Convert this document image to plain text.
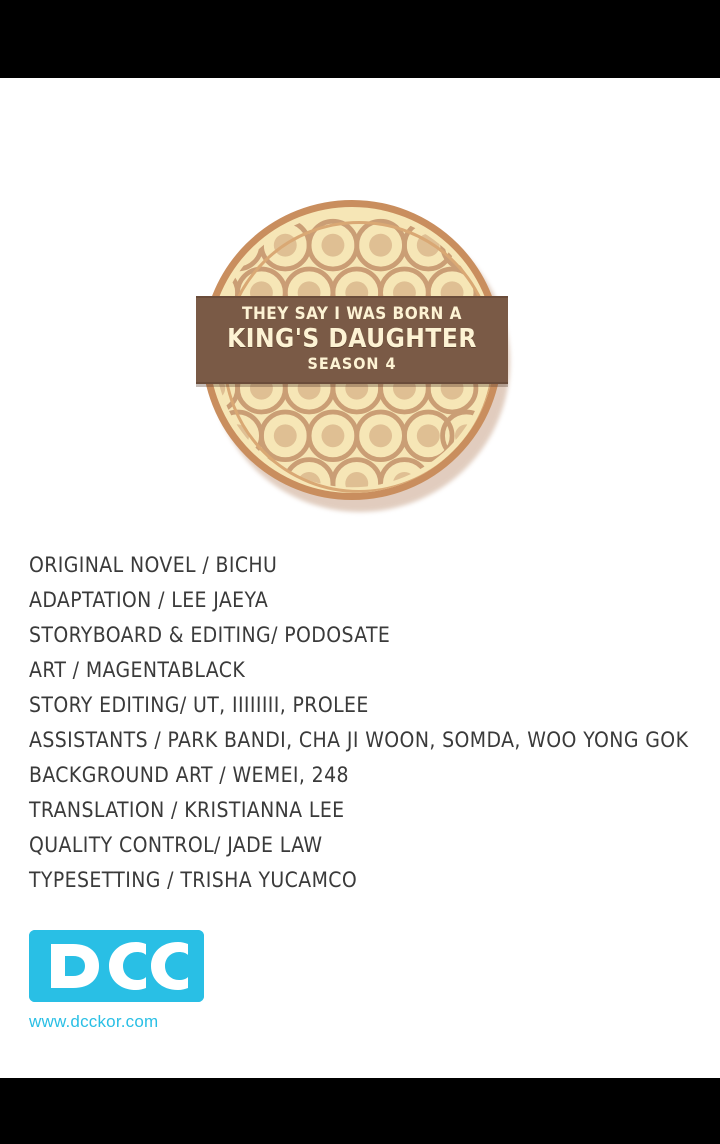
THEY SAY I WAS BORN A
KING'S DAUGHTER
SEASON 4
ORIGINAL NOVEL / BICHU
ADAPTATION / LEE JAEYA
STORYBOARD & EDITING/ PODOSATE
ART / MAGENTABLACK
STORY EDITING/ UT, IIIIIIII, PROLEE
ASSISTANTS / PARK BANDI, CHA JI WOON, SOMDA, WOO YONG GOK
BACKGROUND ART / WEMEI, 248
TRANSLATION / KRISTIANNA LEE
QUALITY CONTROL/ JADE LAW
TYPESETTING / TRISHA YUCAMCO
www.dcckor.com
